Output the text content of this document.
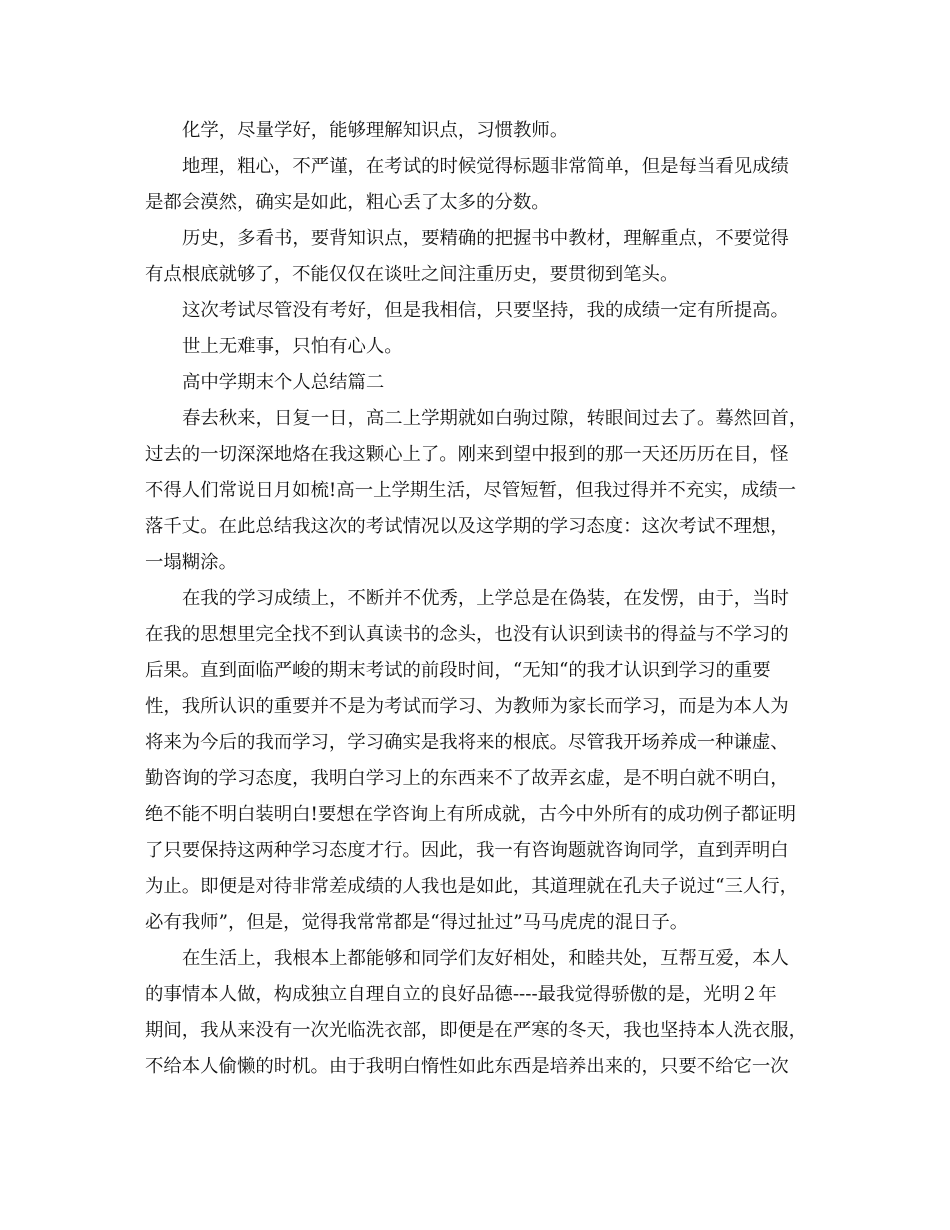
化学，尽量学好，能够理解知识点，习惯教师。

地理，粗心，不严谨，在考试的时候觉得标题非常简单，但是每当看见成绩

是都会漠然，确实是如此，粗心丢了太多的分数。

历史，多看书，要背知识点，要精确的把握书中教材，理解重点，不要觉得

有点根底就够了，不能仅仅在谈吐之间注重历史，要贯彻到笔头。

这次考试尽管没有考好，但是我相信，只要坚持，我的成绩一定有所提高。

世上无难事，只怕有心人。

高中学期末个人总结篇二

春去秋来，日复一日，高二上学期就如白驹过隙，转眼间过去了。蓦然回首，

过去的一切深深地烙在我这颗心上了。刚来到望中报到的那一天还历历在目，怪

不得人们常说日月如梳!高一上学期生活，尽管短暂，但我过得并不充实，成绩一

落千丈。在此总结我这次的考试情况以及这学期的学习态度：这次考试不理想，

一塌糊涂。

在我的学习成绩上，不断并不优秀，上学总是在偽装，在发愣，由于，当时

在我的思想里完全找不到认真读书的念头，也没有认识到读书的得益与不学习的

后果。直到面临严峻的期末考试的前段时间，“无知“的我才认识到学习的重要

性，我所认识的重要并不是为考试而学习、为教师为家长而学习，而是为本人为

将来为今后的我而学习，学习确实是我将来的根底。尽管我开场养成一种谦虚、

勤咨询的学习态度，我明白学习上的东西来不了故弄玄虚，是不明白就不明白，

绝不能不明白装明白!要想在学咨询上有所成就，古今中外所有的成功例子都证明

了只要保持这两种学习态度才行。因此，我一有咨询题就咨询同学，直到弄明白

为止。即便是对待非常差成绩的人我也是如此，其道理就在孔夫子说过“三人行，

必有我师”，但是，觉得我常常都是“得过扯过”马马虎虎的混日子。

在生活上，我根本上都能够和同学们友好相处，和睦共处，互帮互爱，本人

的事情本人做，构成独立自理自立的良好品德----最我觉得骄傲的是，光明２年

期间，我从来没有一次光临洗衣部，即便是在严寒的冬天，我也坚持本人洗衣服，

不给本人偷懒的时机。由于我明白惰性如此东西是培养出来的，只要不给它一次
